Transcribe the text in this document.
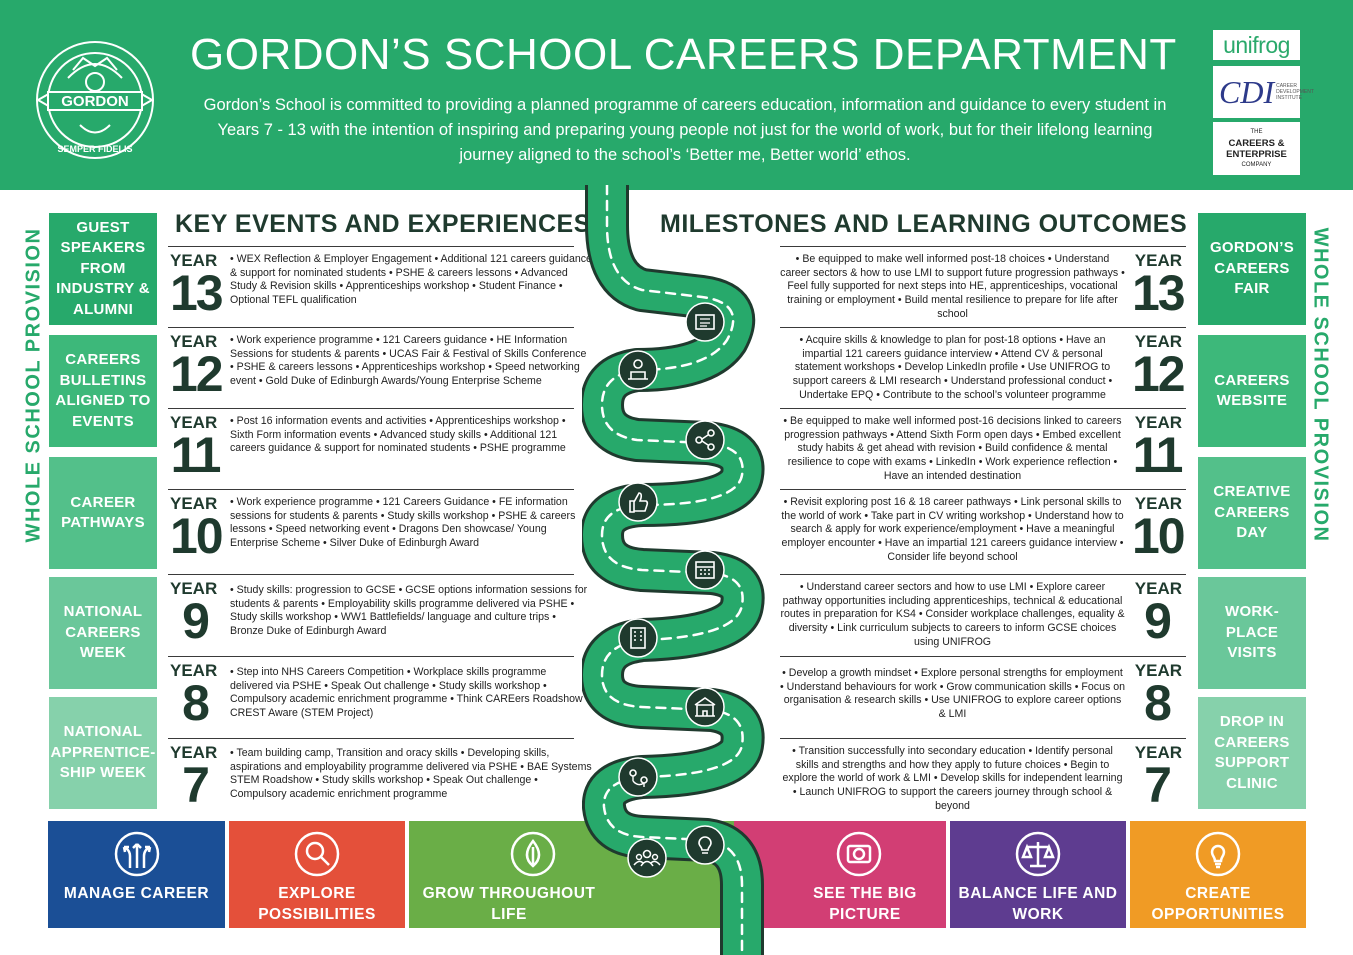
GORDON
SEMPER FIDELIS
GORDON’S SCHOOL CAREERS DEPARTMENT
Gordon’s School is committed to providing a planned programme of careers education, information and guidance to every student in Years 7 - 13 with the intention of inspiring and preparing young people not just for the world of work, but for their lifelong learning journey aligned to the school’s ‘Better me, Better world’ ethos.
unifrog
CDI CAREER DEVELOPMENT INSTITUTE
THE
CAREERS & ENTERPRISE
COMPANY
WHOLE SCHOOL PROVISION	WHOLE SCHOOL PROVISION
GUEST SPEAKERS FROM INDUSTRY & ALUMNI
CAREERS BULLETINS ALIGNED TO EVENTS
CAREER PATHWAYS
NATIONAL CAREERS WEEK
NATIONAL APPRENTICE-SHIP WEEK
GORDON’S CAREERS FAIR
CAREERS WEBSITE
CREATIVE CAREERS DAY
WORK-PLACE VISITS
DROP IN CAREERS SUPPORT CLINIC
KEY EVENTS AND EXPERIENCES	MILESTONES AND LEARNING OUTCOMES
YEAR
13
• WEX Reflection & Employer Engagement • Additional 121 careers guidance & support for nominated students • PSHE & careers lessons • Advanced Study & Revision skills • Apprenticeships workshop • Student Finance • Optional TEFL qualification
YEAR
12
• Work experience programme • 121 Careers guidance • HE Information Sessions for students & parents • UCAS Fair & Festival of Skills Conference • PSHE & careers lessons • Apprenticeships workshop • Speed networking event • Gold Duke of Edinburgh Awards/Young Enterprise Scheme
YEAR
11
• Post 16 information events and activities • Apprenticeships workshop • Sixth Form information events • Advanced study skills • Additional 121 careers guidance & support for nominated students • PSHE programme
YEAR
10
• Work experience programme • 121 Careers Guidance • FE information sessions for students & parents • Study skills workshop • PSHE & careers lessons • Speed networking event • Dragons Den showcase/ Young Enterprise Scheme • Silver Duke of Edinburgh Award
YEAR
9
• Study skills: progression to GCSE • GCSE options information sessions for students & parents • Employability skills programme delivered via PSHE • Study skills workshop • WW1 Battlefields/ language and culture trips • Bronze Duke of Edinburgh Award
YEAR
8
• Step into NHS Careers Competition • Workplace skills programme delivered via PSHE • Speak Out challenge • Study skills workshop • Compulsory academic enrichment programme • Think CAREers Roadshow • CREST Aware (STEM Project)
YEAR
7
• Team building camp, Transition and oracy skills • Developing skills, aspirations and employability programme delivered via PSHE • BAE Systems STEM Roadshow • Study skills workshop • Speak Out challenge • Compulsory academic enrichment programme
YEAR
13
• Be equipped to make well informed post-18 choices • Understand career sectors & how to use LMI to support future progression pathways • Feel fully supported for next steps into HE, apprenticeships, vocational training or employment • Build mental resilience to prepare for life after school
YEAR
12
• Acquire skills & knowledge to plan for post-18 options • Have an impartial 121 careers guidance interview • Attend CV & personal statement workshops • Develop LinkedIn profile • Use UNIFROG to support careers & LMI research • Understand professional conduct • Undertake EPQ • Contribute to the school’s volunteer programme
YEAR
11
• Be equipped to make well informed post-16 decisions linked to careers progression pathways • Attend Sixth Form open days • Embed excellent study habits & get ahead with revision • Build confidence & mental resilience to cope with exams • LinkedIn • Work experience reflection • Have an intended destination
YEAR
10
• Revisit exploring post 16 & 18 career pathways • Link personal skills to the world of work • Take part in CV writing workshop • Understand how to search & apply for work experience/employment • Have a meaningful employer encounter • Have an impartial 121 careers guidance interview • Consider life beyond school
YEAR
9
• Understand career sectors and how to use LMI • Explore career pathway opportunities including apprenticeships, technical & educational routes in preparation for KS4 • Consider workplace challenges, equality & diversity • Link curriculum subjects to careers to inform GCSE choices using UNIFROG
YEAR
8
• Develop a growth mindset • Explore personal strengths for employment • Understand behaviours for work • Grow communication skills • Focus on organisation & research skills • Use UNIFROG to explore career options & LMI
YEAR
7
• Transition successfully into secondary education • Identify personal skills and strengths and how they apply to future choices • Begin to explore the world of work & LMI • Develop skills for independent learning • Launch UNIFROG to support the careers journey through school & beyond
MANAGE CAREER	EXPLORE POSSIBILITIES
GROW THROUGHOUT LIFE
SEE THE BIG PICTURE
BALANCE LIFE AND WORK
CREATE OPPORTUNITIES
